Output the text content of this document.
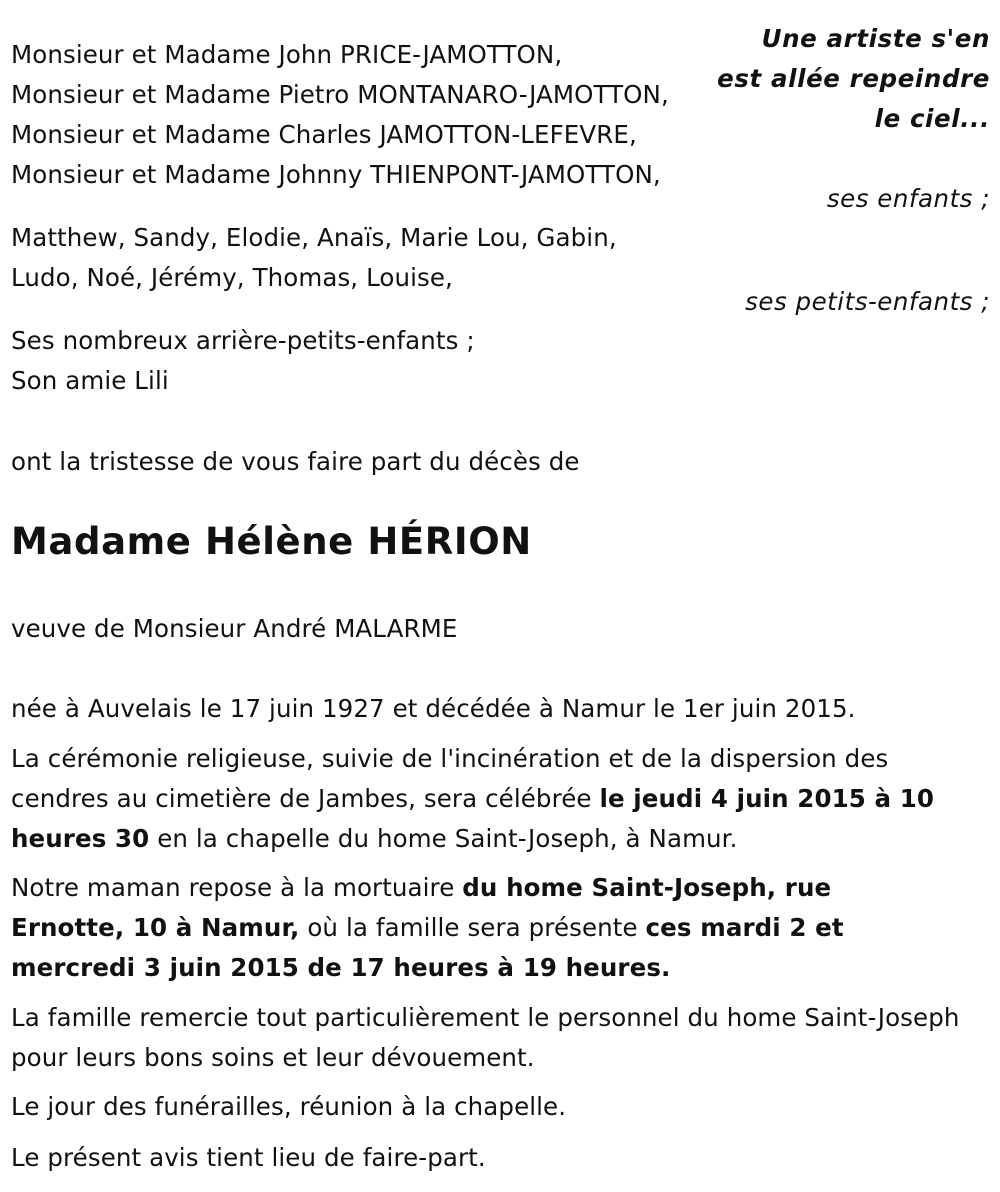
Une artiste s'en
est allée repeindre
le ciel...
Monsieur et Madame John PRICE-JAMOTTON,
Monsieur et Madame Pietro MONTANARO-JAMOTTON,
Monsieur et Madame Charles JAMOTTON-LEFEVRE,
Monsieur et Madame Johnny THIENPONT-JAMOTTON,
ses enfants ;
Matthew, Sandy, Elodie, Anaïs, Marie Lou, Gabin,
Ludo, Noé, Jérémy, Thomas, Louise,
ses petits-enfants ;
Ses nombreux arrière-petits-enfants ;
Son amie Lili
ont la tristesse de vous faire part du décès de
Madame Hélène HÉRION
veuve de Monsieur André MALARME
née à Auvelais le 17 juin 1927 et décédée à Namur le 1er juin 2015.
La cérémonie religieuse, suivie de l'incinération et de la dispersion des cendres au cimetière de Jambes, sera célébrée le jeudi 4 juin 2015 à 10 heures 30 en la chapelle du home Saint-Joseph, à Namur.
Notre maman repose à la mortuaire du home Saint-Joseph, rue Ernotte, 10 à Namur, où la famille sera présente ces mardi 2 et mercredi 3 juin 2015 de 17 heures à 19 heures.
La famille remercie tout particulièrement le personnel du home Saint-Joseph pour leurs bons soins et leur dévouement.
Le jour des funérailles, réunion à la chapelle.
Le présent avis tient lieu de faire-part.
